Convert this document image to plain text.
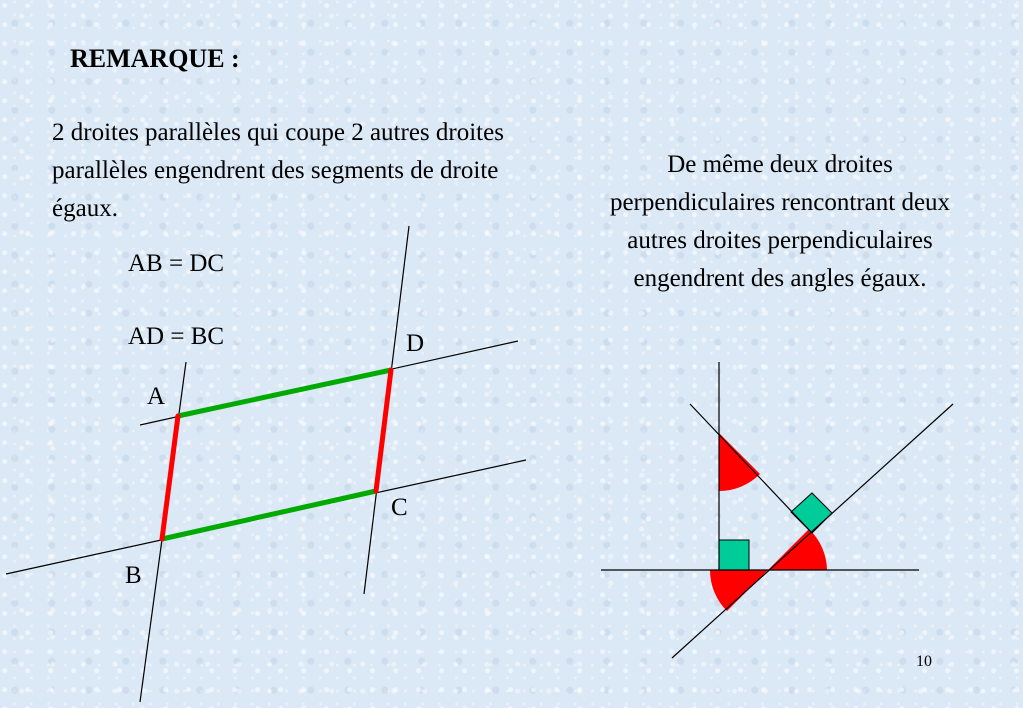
REMARQUE :
2 droites parallèles qui coupe 2 autres droites parallèles engendrent des segments de droite égaux.
AB = DC
AD = BC
De même deux droites perpendiculaires rencontrant deux autres droites perpendiculaires engendrent des angles égaux.
A
D
C
B
10
